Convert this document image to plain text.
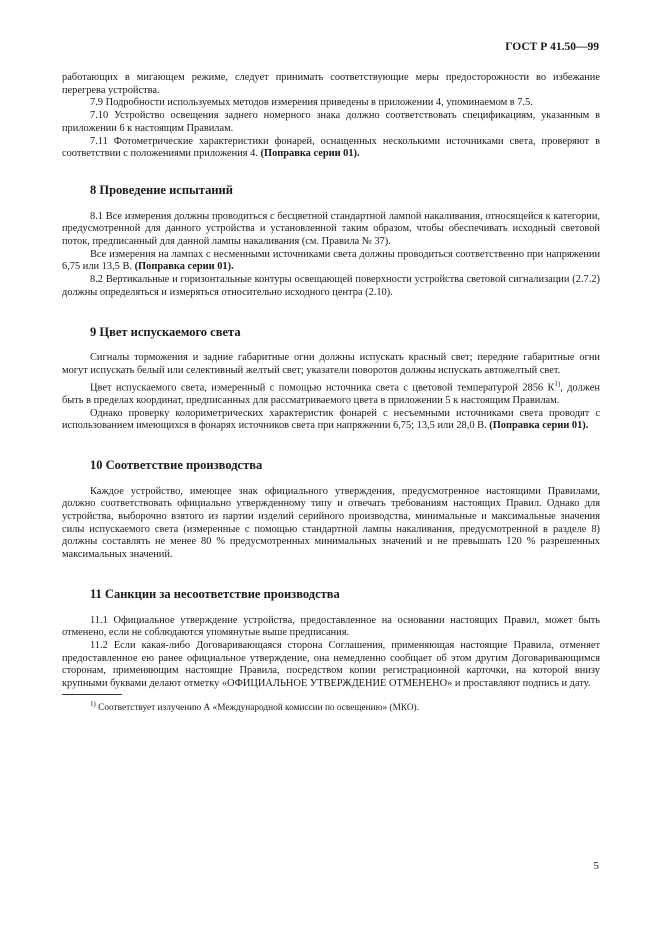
ГОСТ Р 41.50—99

работающих в мигающем режиме, следует принимать соответствующие меры предосторожности во избежание перегрева устройства.

7.9 Подробности используемых методов измерения приведены в приложении 4, упоминаемом в 7.5.

7.10 Устройство освещения заднего номерного знака должно соответствовать спецификациям, указанным в приложении 6 к настоящим Правилам.

7.11 Фотометрические характеристики фонарей, оснащенных несколькими источниками света, проверяют в соответствии с положениями приложения 4. (Поправка серии 01).

8 Проведение испытаний

8.1 Все измерения должны проводиться с бесцветной стандартной лампой накаливания, относящейся к категории, предусмотренной для данного устройства и установленной таким образом, чтобы обеспечивать исходный световой поток, предписанный для данной лампы накаливания (см. Правила № 37).

Все измерения на лампах с несменными источниками света должны проводиться соответственно при напряжении 6,75 или 13,5 В. (Поправка серии 01).

8.2 Вертикальные и горизонтальные контуры освещающей поверхности устройства световой сигнализации (2.7.2) должны определяться и измеряться относительно исходного центра (2.10).

9 Цвет испускаемого света

Сигналы торможения и задние габаритные огни должны испускать красный свет; передние габаритные огни могут испускать белый или селективный желтый свет; указатели поворотов должны испускать автожелтый свет.

Цвет испускаемого света, измеренный с помощью источника света с цветовой температурой 2856 $К^{1)}$, должен быть в пределах координат, предписанных для рассматриваемого цвета в приложении 5 к настоящим Правилам.

Однако проверку колориметрических характеристик фонарей с несъемными источниками света проводят с использованием имеющихся в фонарях источников света при напряжении 6,75; 13,5 или 28,0 В. (Поправка серии 01).

10 Соответствие производства

Каждое устройство, имеющее знак официального утверждения, предусмотренное настоящими Правилами, должно соответствовать официально утвержденному типу и отвечать требованиям настоящих Правил. Однако для устройства, выборочно взятого из партии изделий серийного производства, минимальные и максимальные значения силы испускаемого света (измеренные с помощью стандартной лампы накаливания, предусмотренной в разделе 8) должны составлять не менее 80 % предусмотренных минимальных значений и не превышать 120 % разрешенных максимальных значений.

11 Санкции за несоответствие производства

11.1 Официальное утверждение устройства, предоставленное на основании настоящих Правил, может быть отменено, если не соблюдаются упомянутые выше предписания.

11.2 Если какая-либо Договаривающаяся сторона Соглашения, применяющая настоящие Правила, отменяет предоставленное ею ранее официальное утверждение, она немедленно сообщает об этом другим Договаривающимся сторонам, применяющим настоящие Правила, посредством копии регистрационной карточки, на которой внизу крупными буквами делают отметку «ОФИЦИАЛЬНОЕ УТВЕРЖДЕНИЕ ОТМЕНЕНО» и проставляют подпись и дату.

$^{1)}$ Соответствует излучению А «Международной комиссии по освещению» (МКО).

5
